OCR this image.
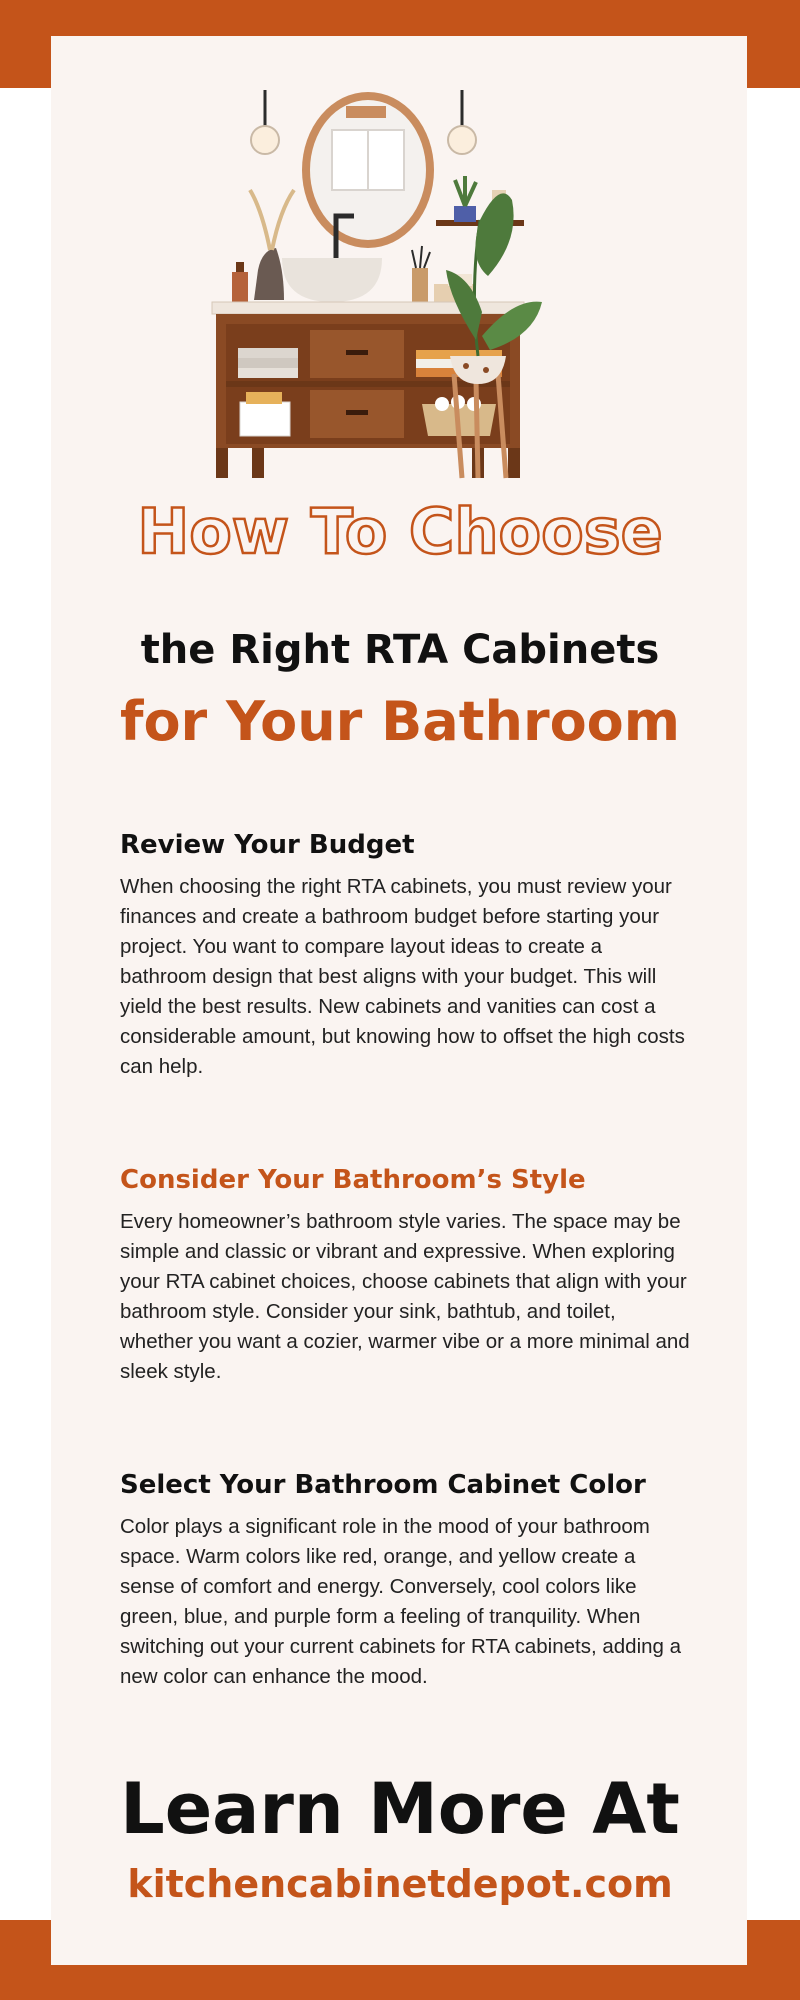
How To Choose
the Right RTA Cabinets
for Your Bathroom
Review Your Budget

When choosing the right RTA cabinets, you must review your finances and create a bathroom budget before starting your project. You want to compare layout ideas to create a bathroom design that best aligns with your budget. This will yield the best results. New cabinets and vanities can cost a considerable amount, but knowing how to offset the high costs can help.

Consider Your Bathroom’s Style

Every homeowner’s bathroom style varies. The space may be simple and classic or vibrant and expressive. When exploring your RTA cabinet choices, choose cabinets that align with your bathroom style. Consider your sink, bathtub, and toilet, whether you want a cozier, warmer vibe or a more minimal and sleek style.

Select Your Bathroom Cabinet Color

Color plays a significant role in the mood of your bathroom space. Warm colors like red, orange, and yellow create a sense of comfort and energy. Conversely, cool colors like green, blue, and purple form a feeling of tranquility. When switching out your current cabinets for RTA cabinets, adding a new color can enhance the mood.

Learn More At
kitchencabinetdepot.com
